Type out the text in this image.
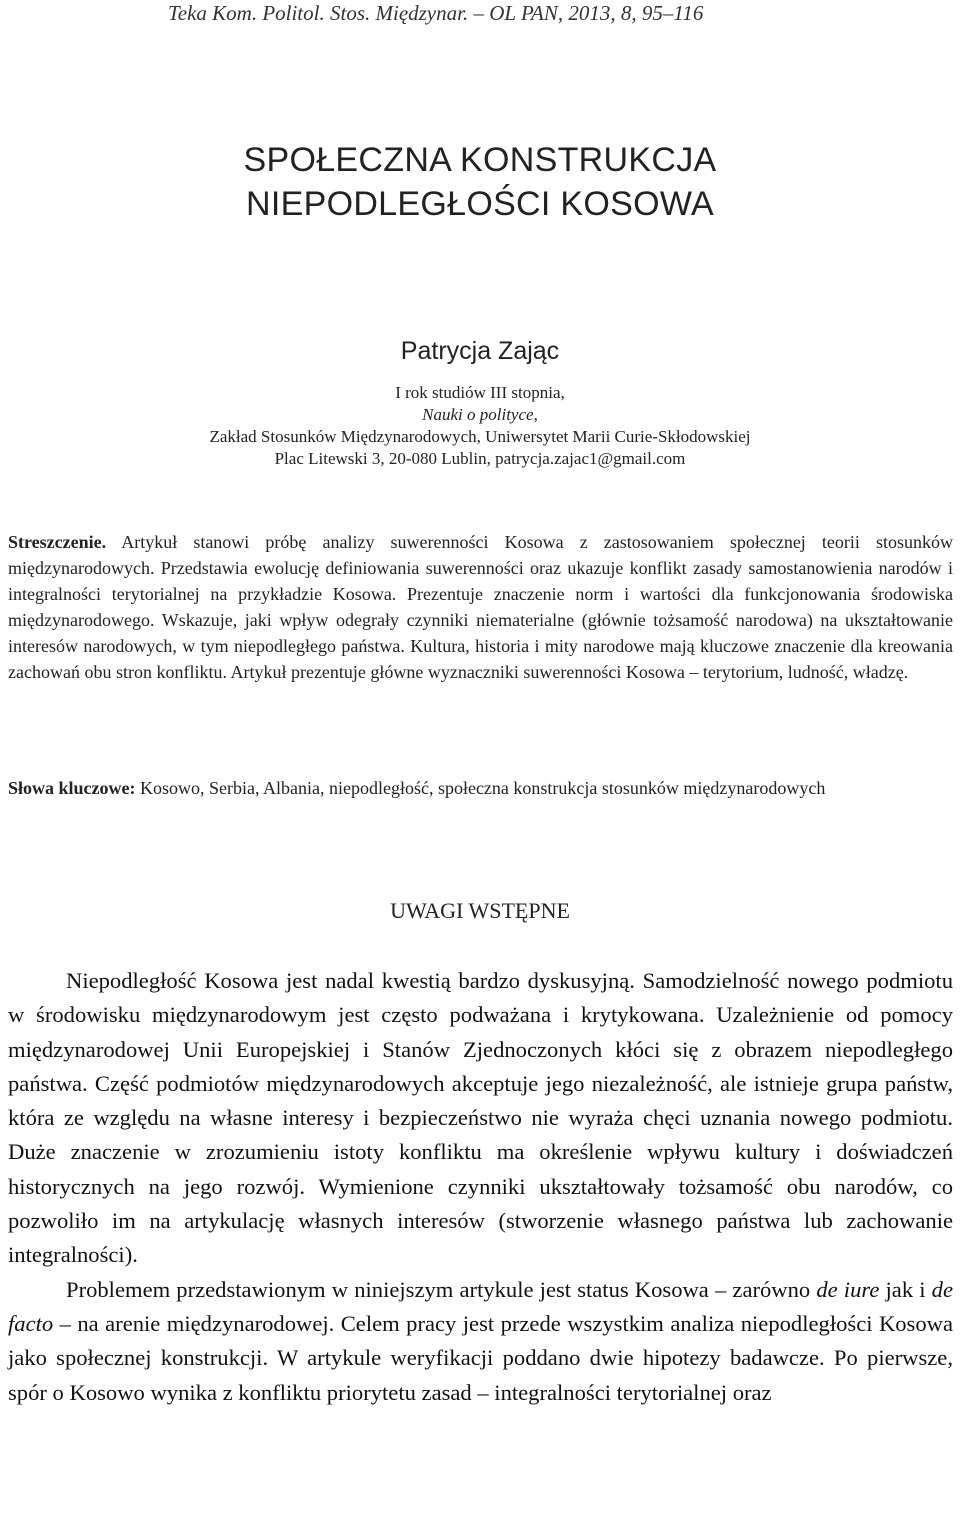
Teka Kom. Politol. Stos. Międzynar. – OL PAN, 2013, 8, 95–116
SPOŁECZNA KONSTRUKCJA
NIEPODLEGŁOŚCI KOSOWA
Patrycja Zając
I rok studiów III stopnia,
Nauki o polityce,
Zakład Stosunków Międzynarodowych, Uniwersytet Marii Curie-Skłodowskiej
Plac Litewski 3, 20-080 Lublin, patrycja.zajac1@gmail.com
Streszczenie. Artykuł stanowi próbę analizy suwerenności Kosowa z zastosowaniem społecznej teorii stosunków międzynarodowych. Przedstawia ewolucję definiowania suwerenności oraz ukazuje konflikt zasady samostanowienia narodów i integralności terytorialnej na przykładzie Kosowa. Prezentuje znaczenie norm i wartości dla funkcjonowania środowiska międzynarodowego. Wskazuje, jaki wpływ odegrały czynniki niematerialne (głównie tożsamość narodowa) na ukształtowanie interesów narodowych, w tym niepodległego państwa. Kultura, historia i mity narodowe mają kluczowe znaczenie dla kreowania zachowań obu stron konfliktu. Artykuł prezentuje główne wyznaczniki suwerenności Kosowa – terytorium, ludność, władzę.
Słowa kluczowe: Kosowo, Serbia, Albania, niepodległość, społeczna konstrukcja stosunków międzynarodowych
UWAGI WSTĘPNE

Niepodległość Kosowa jest nadal kwestią bardzo dyskusyjną. Samodzielność nowego podmiotu w środowisku międzynarodowym jest często podważana i krytykowana. Uzależnienie od pomocy międzynarodowej Unii Europejskiej i Stanów Zjednoczonych kłóci się z obrazem niepodległego państwa. Część podmiotów międzynarodowych akceptuje jego niezależność, ale istnieje grupa państw, która ze względu na własne interesy i bezpieczeństwo nie wyraża chęci uznania nowego podmiotu. Duże znaczenie w zrozumieniu istoty konfliktu ma określenie wpływu kultury i doświadczeń historycznych na jego rozwój. Wymienione czynniki ukształtowały tożsamość obu narodów, co pozwoliło im na artykulację własnych interesów (stworzenie własnego państwa lub zachowanie integralności).

Problemem przedstawionym w niniejszym artykule jest status Kosowa – zarówno de iure jak i de facto – na arenie międzynarodowej. Celem pracy jest przede wszystkim analiza niepodległości Kosowa jako społecznej konstrukcji. W artykule weryfikacji poddano dwie hipotezy badawcze. Po pierwsze, spór o Kosowo wynika z konfliktu priorytetu zasad – integralności terytorialnej oraz
